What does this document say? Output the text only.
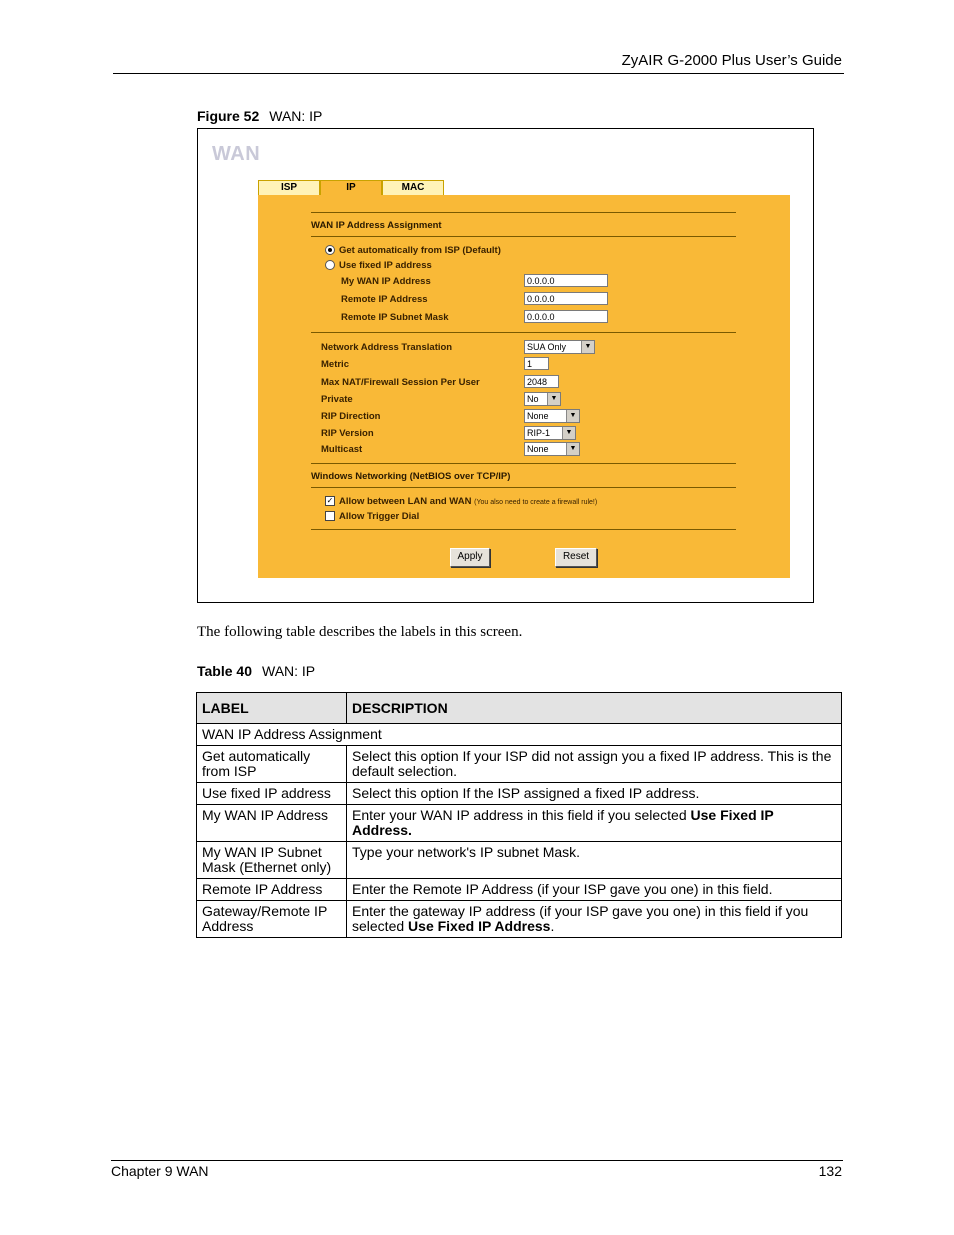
ZyAIR G-2000 Plus User’s Guide
Figure 52 WAN: IP
WAN
ISP	IP	MAC
WAN IP Address Assignment
Get automatically from ISP (Default)
Use fixed IP address
My WAN IP Address	0.0.0.0
Remote IP Address	0.0.0.0
Remote IP Subnet Mask	0.0.0.0
Network Address Translation	SUA Only	▼
Metric	1
Max NAT/Firewall Session Per User	2048
Private	No	▼
RIP Direction	None	▼
RIP Version	RIP-1	▼
Multicast	None	▼
Windows Networking (NetBIOS over TCP/IP)
✓ Allow between LAN and WAN (You also need to create a firewall rule!)
Allow Trigger Dial
Apply	Reset
The following table describes the labels in this screen.
Table 40 WAN: IP
LABEL	DESCRIPTION
WAN IP Address Assignment	
Get automatically from ISP	Select this option If your ISP did not assign you a fixed IP address. This is the default selection.
Use fixed IP address	Select this option If the ISP assigned a fixed IP address.
My WAN IP Address	Enter your WAN IP address in this field if you selected Use Fixed IP Address.
My WAN IP Subnet Mask (Ethernet only)	Type your network's IP subnet Mask.
Remote IP Address	Enter the Remote IP Address (if your ISP gave you one) in this field.
Gateway/Remote IP Address	Enter the gateway IP address (if your ISP gave you one) in this field if you selected Use Fixed IP Address.
Chapter 9 WAN	132
